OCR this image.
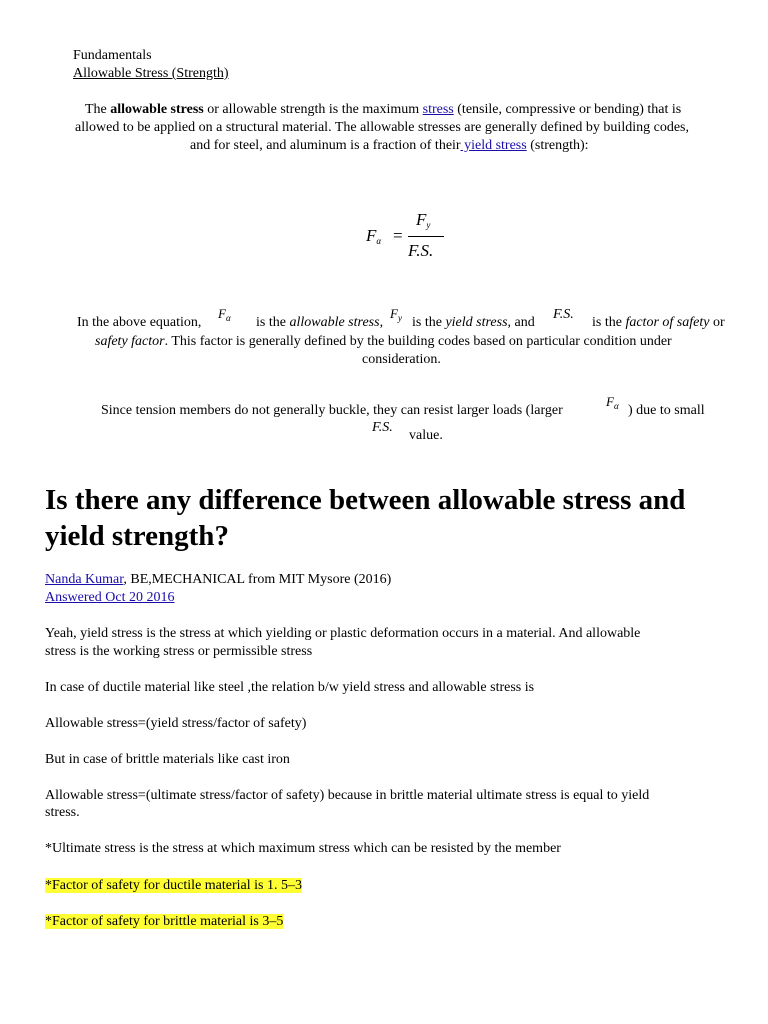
Fundamentals
Allowable Stress (Strength)
The allowable stress or allowable strength is the maximum stress (tensile, compressive or bending) that is
allowed to be applied on a structural material. The allowable stresses are generally defined by building codes,
and for steel, and aluminum is a fraction of their yield stress (strength):
$F_\alpha$ =
$F_y$
F.S.
In the above equation,
$F_\alpha$ is the allowable stress,
$F_y$ is the yield stress, and
F.S.
is the factor of safety or
safety factor. This factor is generally defined by the building codes based on particular condition under
consideration.
Since tension members do not generally buckle, they can resist larger loads (larger
$F_\alpha$ ) due to small
F.S.
value.
Is there any difference between allowable stress and
yield strength?
Nanda Kumar, BE,MECHANICAL from MIT Mysore (2016)
Answered Oct 20 2016
Yeah, yield stress is the stress at which yielding or plastic deformation occurs in a material. And allowable
stress is the working stress or permissible stress
In case of ductile material like steel ,the relation b/w yield stress and allowable stress is
Allowable stress=(yield stress/factor of safety)
But in case of brittle materials like cast iron
Allowable stress=(ultimate stress/factor of safety) because in brittle material ultimate stress is equal to yield
stress.
*Ultimate stress is the stress at which maximum stress which can be resisted by the member
*Factor of safety for ductile material is 1. 5–3
*Factor of safety for brittle material is 3–5
